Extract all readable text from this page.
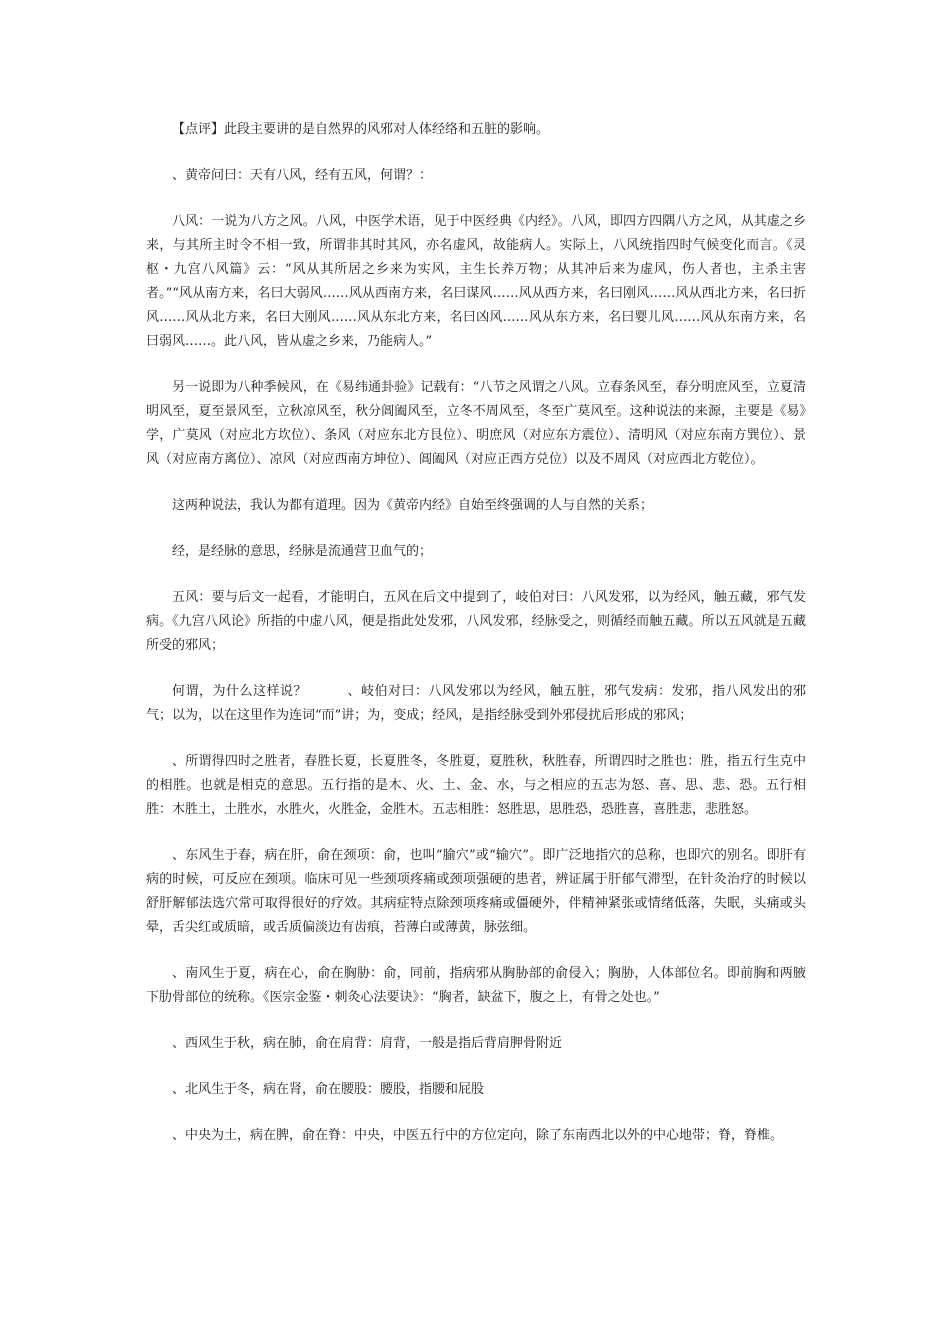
【点评】此段主要讲的是自然界的风邪对人体经络和五脏的影响。

、黄帝问曰：天有八风，经有五风，何谓？：

八风：一说为八方之风。八风，中医学术语，见于中医经典《内经》。八风，即四方四隅八方之风，从其虚之乡来，与其所主时令不相一致，所谓非其时其风，亦名虚风，故能病人。实际上，八风统指四时气候变化而言。《灵枢・九宫八风篇》云：“风从其所居之乡来为实风，主生长养万物；从其冲后来为虚风，伤人者也，主杀主害者。”“风从南方来，名曰大弱风……风从西南方来，名曰谋风……风从西方来，名曰刚风……风从西北方来，名曰折风……风从北方来，名曰大刚风……风从东北方来，名曰凶风……风从东方来，名曰婴儿风……风从东南方来，名曰弱风……。此八风，皆从虚之乡来，乃能病人。”

另一说即为八种季候风，在《易纬通卦验》记载有：“八节之风谓之八风。立春条风至，春分明庶风至，立夏清明风至，夏至景风至，立秋凉风至，秋分阊阖风至，立冬不周风至，冬至广莫风至。这种说法的来源，主要是《易》学，广莫风（对应北方坎位）、条风（对应东北方艮位）、明庶风（对应东方震位）、清明风（对应东南方巽位）、景风（对应南方离位）、凉风（对应西南方坤位）、阊阖风（对应正西方兑位）以及不周风（对应西北方乾位）。

这两种说法，我认为都有道理。因为《黄帝内经》自始至终强调的人与自然的关系；

经，是经脉的意思，经脉是流通营卫血气的；

五风：要与后文一起看，才能明白，五风在后文中提到了，岐伯对曰：八风发邪，以为经风，触五藏，邪气发病。《九宫八风论》所指的中虚八风，便是指此处发邪，八风发邪，经脉受之，则循经而触五藏。所以五风就是五藏所受的邪风；

何谓，为什么这样说？　　　、岐伯对曰：八风发邪以为经风，触五脏，邪气发病：发邪，指八风发出的邪气；以为，以在这里作为连词“而”讲；为，变成；经风，是指经脉受到外邪侵扰后形成的邪风；

、所谓得四时之胜者，春胜长夏，长夏胜冬，冬胜夏，夏胜秋，秋胜春，所谓四时之胜也：胜，指五行生克中的相胜。也就是相克的意思。五行指的是木、火、土、金、水，与之相应的五志为怒、喜、思、悲、恐。五行相胜：木胜土，土胜水，水胜火，火胜金，金胜木。五志相胜：怒胜思，思胜恐，恐胜喜，喜胜悲，悲胜怒。

、东风生于春，病在肝，俞在颈项：俞，也叫“腧穴”或“输穴”。即广泛地指穴的总称，也即穴的别名。即肝有病的时候，可反应在颈项。临床可见一些颈项疼痛或颈项强硬的患者，辨证属于肝郁气滞型，在针灸治疗的时候以舒肝解郁法选穴常可取得很好的疗效。其病症特点除颈项疼痛或僵硬外，伴精神紧张或情绪低落，失眠，头痛或头晕，舌尖红或质暗，或舌质偏淡边有齿痕，苔薄白或薄黄，脉弦细。

、南风生于夏，病在心，俞在胸胁：俞，同前，指病邪从胸胁部的俞侵入；胸胁，人体部位名。即前胸和两腋下肋骨部位的统称。《医宗金鉴・刺灸心法要诀》：“胸者，缺盆下，腹之上，有骨之处也。”

、西风生于秋，病在肺，俞在肩背：肩背，一般是指后背肩胛骨附近

、北风生于冬，病在肾，俞在腰股：腰股，指腰和屁股

、中央为土，病在脾，俞在脊：中央，中医五行中的方位定向，除了东南西北以外的中心地带；脊，脊椎。
